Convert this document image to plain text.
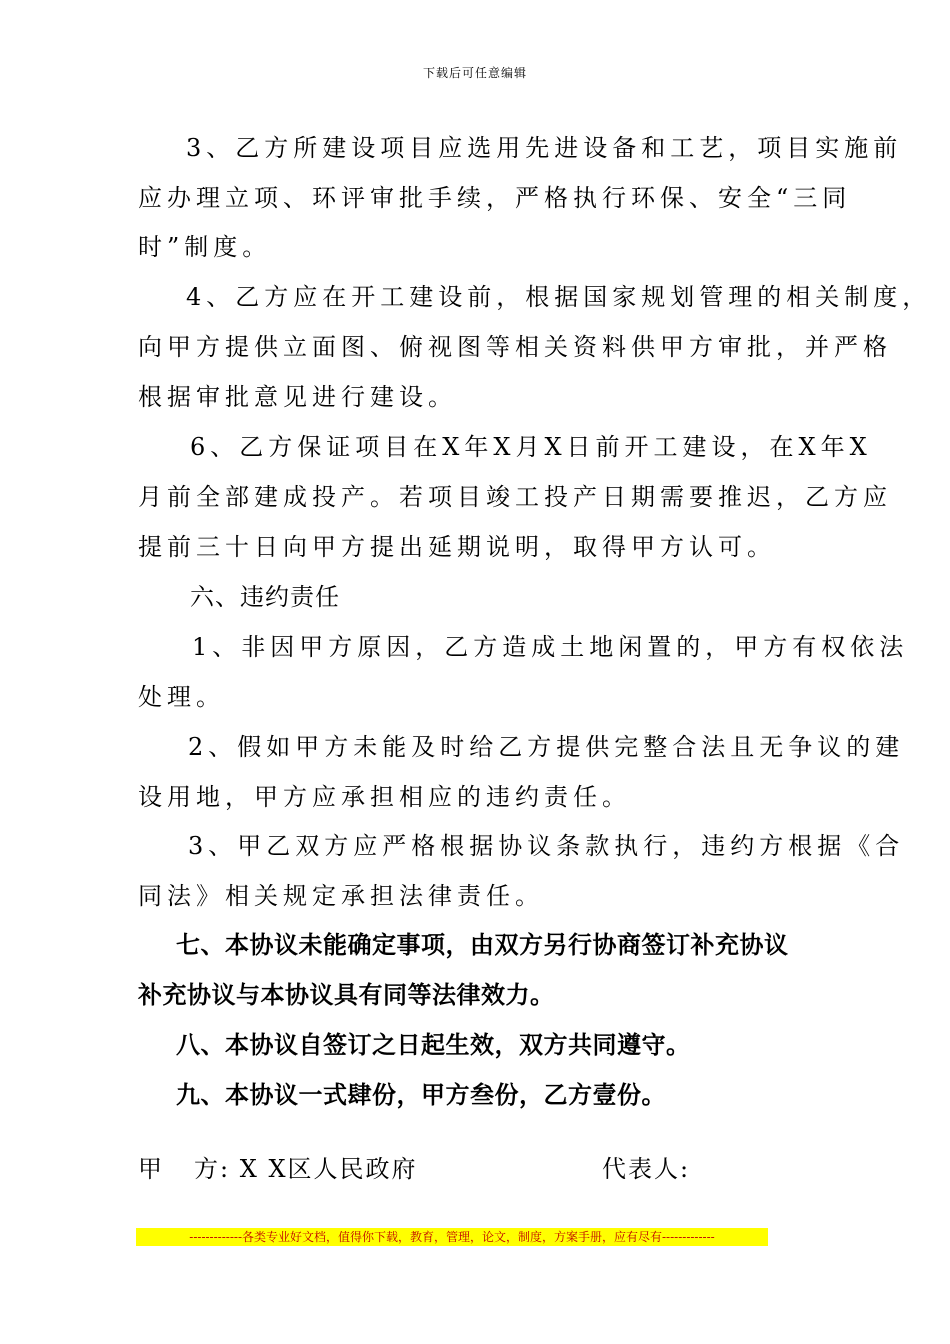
下载后可任意编辑
3、乙方所建设项目应选用先进设备和工艺，项目实施前
应办理立项、环评审批手续，严格执行环保、安全“三同
时”制度。
4、乙方应在开工建设前，根据国家规划管理的相关制度，
向甲方提供立面图、俯视图等相关资料供甲方审批，并严格
根据审批意见进行建设。
6、乙方保证项目在X年X月X日前开工建设，在X年X
月前全部建成投产。若项目竣工投产日期需要推迟，乙方应
提前三十日向甲方提出延期说明，取得甲方认可。
六、违约责任
1、非因甲方原因，乙方造成土地闲置的，甲方有权依法
处理。
2、假如甲方未能及时给乙方提供完整合法且无争议的建
设用地，甲方应承担相应的违约责任。
3、甲乙双方应严格根据协议条款执行，违约方根据《合
同法》相关规定承担法律责任。
七、本协议未能确定事项，由双方另行协商签订补充协议
补充协议与本协议具有同等法律效力。
八、本协议自签订之日起生效，双方共同遵守。
九、本协议一式肆份，甲方叁份，乙方壹份。
甲 方: X X区人民政府	代表人:
-------------各类专业好文档，值得你下载，教育，管理，论文，制度，方案手册，应有尽有-------------
